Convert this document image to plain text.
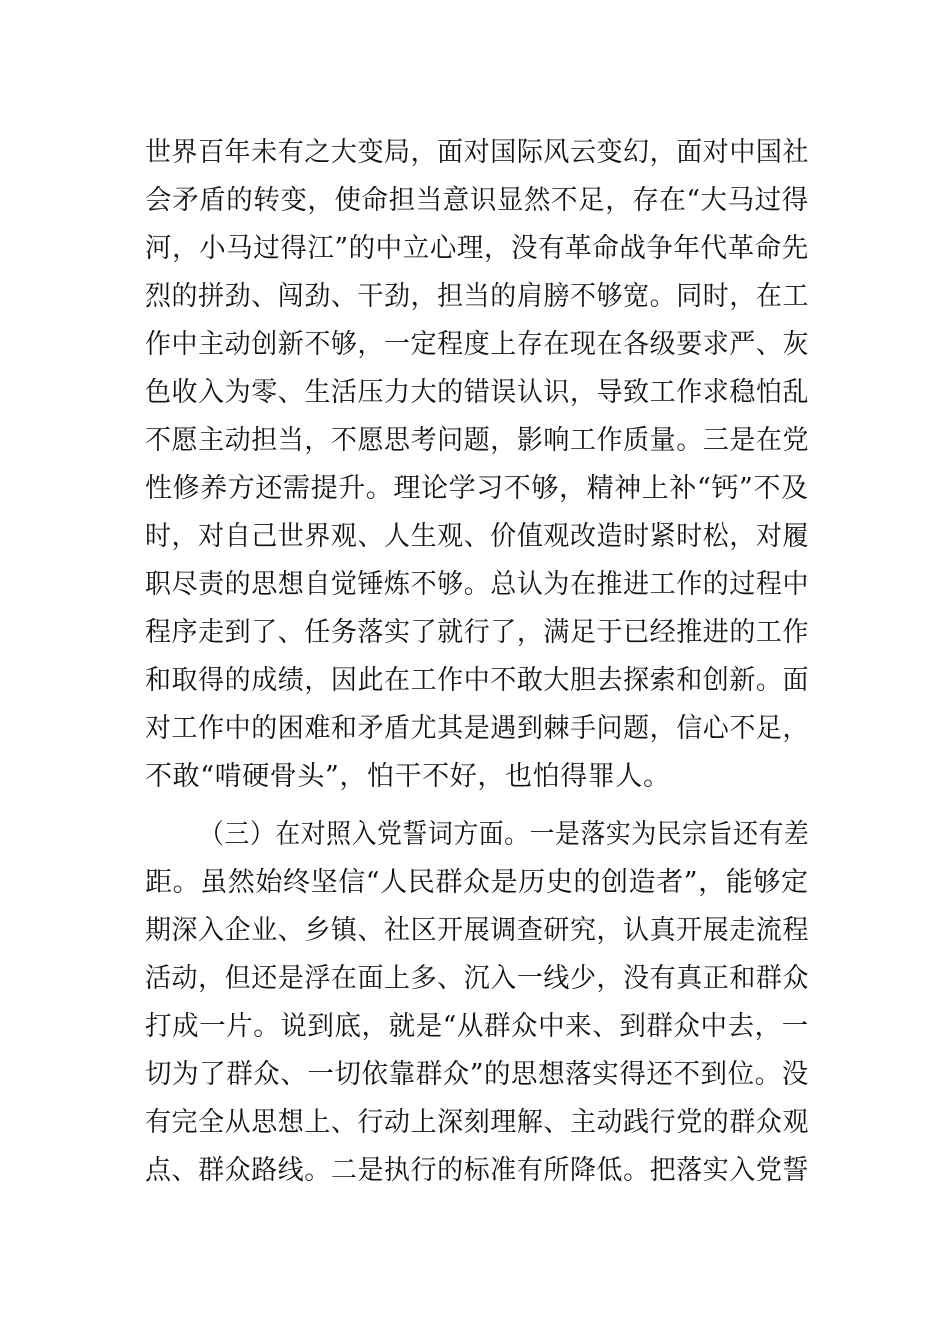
世界百年未有之大变局，面对国际风云变幻，面对中国社
会矛盾的转变，使命担当意识显然不足，存在“大马过得
河，小马过得江”的中立心理，没有革命战争年代革命先
烈的拼劲、闯劲、干劲，担当的肩膀不够宽。同时，在工
作中主动创新不够，一定程度上存在现在各级要求严、灰
色收入为零、生活压力大的错误认识，导致工作求稳怕乱
不愿主动担当，不愿思考问题，影响工作质量。三是在党
性修养方还需提升。理论学习不够，精神上补“钙”不及
时，对自己世界观、人生观、价值观改造时紧时松，对履
职尽责的思想自觉锤炼不够。总认为在推进工作的过程中
程序走到了、任务落实了就行了，满足于已经推进的工作
和取得的成绩，因此在工作中不敢大胆去探索和创新。面
对工作中的困难和矛盾尤其是遇到棘手问题，信心不足，
不敢“啃硬骨头”，怕干不好，也怕得罪人。
（三）在对照入党誓词方面。一是落实为民宗旨还有差
距。虽然始终坚信“人民群众是历史的创造者”，能够定
期深入企业、乡镇、社区开展调查研究，认真开展走流程
活动，但还是浮在面上多、沉入一线少，没有真正和群众
打成一片。说到底，就是“从群众中来、到群众中去，一
切为了群众、一切依靠群众”的思想落实得还不到位。没
有完全从思想上、行动上深刻理解、主动践行党的群众观
点、群众路线。二是执行的标准有所降低。把落实入党誓
